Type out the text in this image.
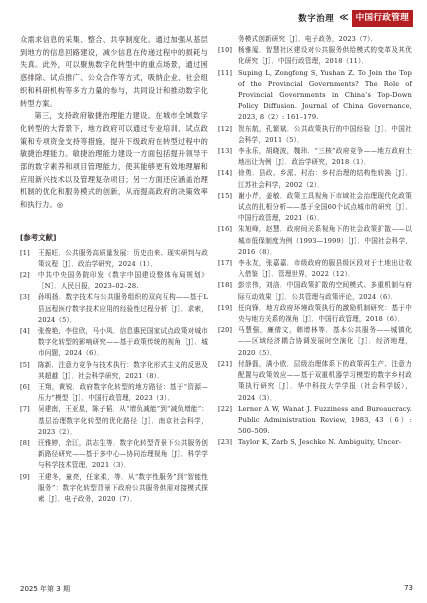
数字治理 ≪ 中国行政管理

众需求信息的采集、整合、共享制度化。通过加强从基层到地方的信息回路建设，减少信息在传递过程中的损耗与失真。此外，可以聚焦数字化转型中的重点场景，通过困惑排除、试点推广、公众合作等方式，吸纳企业、社会组织和科研机构等多方力量的参与，共同设计和推动数字化转型方案。

第三，支持政府敏捷治理能力建设。在城市全域数字化转型的大背景下，地方政府可以通过专业培训、试点政策和专项资金支持等措施，提升下级政府在转型过程中的敏捷治理能力。敏捷治理能力建设一方面包括提升领导干部的数字素养和项目管理能力，使其能够更有效地理解和应用新兴技术以及管理复杂项目；另一方面还应涵盖治理机制的优化和服务模式的创新，从而提高政府的决策效率和执行力。◎

[参考文献]
[1]	王振旺．公共服务高质量发展：历史由来、现实研判与政策议程［J］．政治学研究，2024（1）．
[2]	中共中央国务院印发《数字中国建设整体布局规划》［N］．人民日报，2023–02–28.
[3]	孙明扬．数字技术与公共服务组织的双向互构——基于L县远程医疗数字技术应用的经验性过程分析［J］．求索，2024（5）．
[4]	张俊艳，李佳欣，马小凤．信息惠民国家试点政策对城市数字化转型的影响研究——基于政策传统的视角［J］．城市问题，2024（6）．
[5]	陈新．注意力竞争与技术执行：数字化形式主义的反思及其超越［J］．社会科学研究，2021（8）．
[6]	王翔，黄锐．政府数字化转型的地方路径：基于“资源—压力”模型［J］．中国行政管理，2023（3）．
[7]	吴建南，王亚星，陈子韬．从“增负减能”到“减负增能”：基层治理数字化转型的优化路径［J］．南京社会科学，2023（2）．
[8]	汪雅婷，余江，洪志生等．数字化转型背景下公共服务创新路径研究——基于多中心—协同治理视角［J］．科学学与科学技术管理，2021（3）．
[9]	王建冬，童亮，任家柔，等．从“数字性服务”到“智能性服务”：数字化转型背景下政府公共服务供需对接模式探索［J］．电子政务，2020（7）．
务模式创新研究［J］．电子政务，2023（7）．
[10] 杨雅厦．智慧社区建设对公共服务供给模式的变革及其优化研究［J］．中国行政管理，2018（11）．
[11] Suping L, Zongfeng S, Yushan Z. To Join the Top of the Provincial Governments? The Role of Provincial Governments in China’s Top-Down Policy Diffusion. Journal of China Governance, 2023, 8（2）: 161–179.
[12] 贺东航，孔繁斌．公共政策执行的中国经验［J］．中国社会科学，2011（5）．
[13] 李永乐，胡晓波，魏玮．“三核”政府竞争——地方政府土地出让为例［J］．政治学研究，2018（1）．
[14] 徐勇．县政、乡派、村治：乡村治理的结构性转换［J］．江苏社会科学，2002（2）．
[15] 谢小芹，姜敏．政策工具视角下市域社会治理现代化政策试点的扎根分析——基于全国60个试点城市的研究［J］．中国行政管理，2021（6）．
[16] 朱旭峰，赵慧．政府间关系视角下的社会政策扩散——以城市低保制度为例（1993—1999）［J］．中国社会科学，2016（8）．
[17] 李永友，张嘉嘉．市级政府的服县级区段对于土地出让收入借鉴［J］．管理世界，2022（12）．
[18] 彭宗伟，刘洛．中国政策扩散的空间模式、多重机制与府际互动效果［J］．公共管理与政策评论，2024（6）．
[19] 任向锋．地方政府环境政策执行的激励机制研究：基于中央与地方关系的视角［J］．中国行政管理，2018（6）．
[20] 马慧强，廉倩文，韩增林等．基本公共服务——城镇化——区域经济耦合协调发展时空演化［J］．经济地理，2020（5）．
[21] 付静磊，满小欧．层级治理体系下的政策再生产、注意力配置与政策效应——基于双重机器学习模型的数字乡村政策执行研究［J］．华中科技大学学报（社会科学版），2024（3）．
[22] Lerner A W, Wanat J. Fuzziness and Bureaucracy. Public Administration Review, 1983, 43（6）: 500–509.
[23] Taylor K, Zarb S, Jeschke N. Ambiguity, Uncer-
2025 年第 3 期	73
